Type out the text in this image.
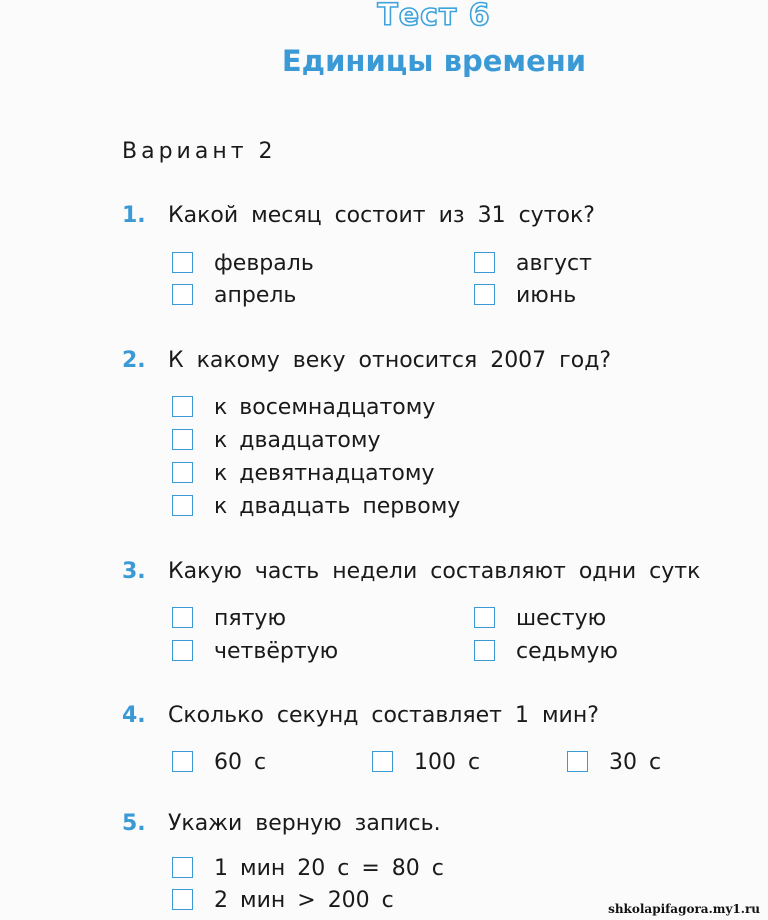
Тест 6
Единицы времени
Вариант 2
1. Какой месяц состоит из 31 суток?
февраль	август
апрель	июнь
2. К какому веку относится 2007 год?
к восемнадцатому
к двадцатому
к девятнадцатому
к двадцать первому
3. Какую часть недели составляют одни сутк
пятую	шестую
четвёртую	седьмую
4. Сколько секунд составляет 1 мин?
60 с	100 с	30 с
5. Укажи верную запись.
1 мин 20 с = 80 с
2 мин > 200 с	shkolapifagora.my1.ru
